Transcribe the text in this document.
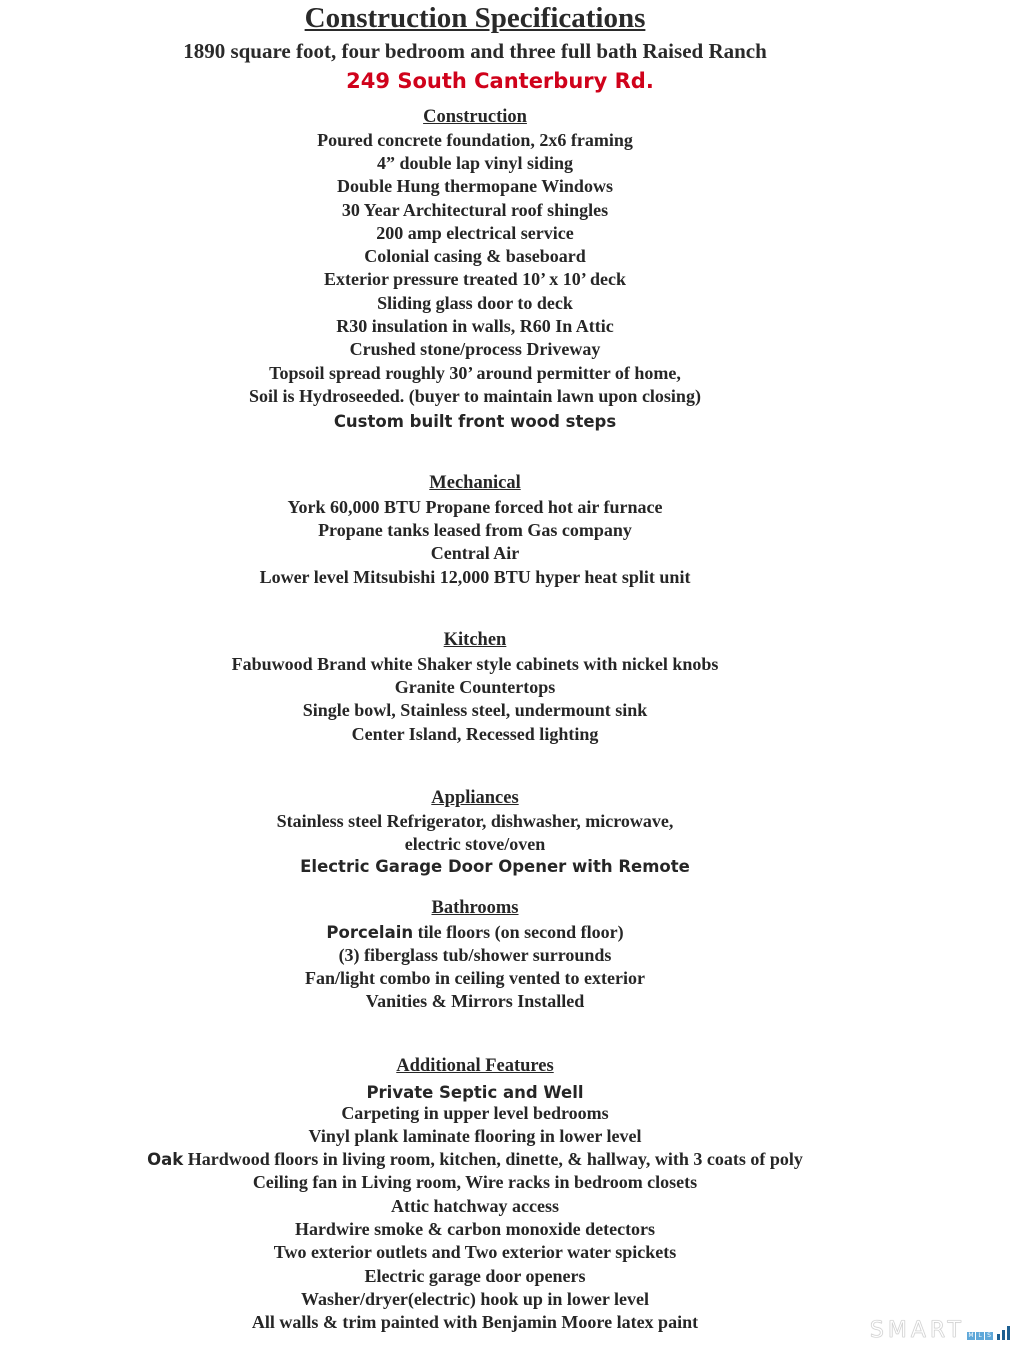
Construction Specifications
1890 square foot, four bedroom and three full bath Raised Ranch
249 South Canterbury Rd.
Construction
Poured concrete foundation, 2x6 framing
4” double lap vinyl siding
Double Hung thermopane Windows
30 Year Architectural roof shingles
200 amp electrical service
Colonial casing & baseboard
Exterior pressure treated 10’ x 10’ deck
Sliding glass door to deck
R30 insulation in walls, R60 In Attic
Crushed stone/process Driveway
Topsoil spread roughly 30’ around permitter of home,
Soil is Hydroseeded. (buyer to maintain lawn upon closing)
Custom built front wood steps
Mechanical
York 60,000 BTU Propane forced hot air furnace
Propane tanks leased from Gas company
Central Air
Lower level Mitsubishi 12,000 BTU hyper heat split unit
Kitchen
Fabuwood Brand white Shaker style cabinets with nickel knobs
Granite Countertops
Single bowl, Stainless steel, undermount sink
Center Island, Recessed lighting
Appliances
Stainless steel Refrigerator, dishwasher, microwave,
electric stove/oven
Electric Garage Door Opener with Remote
Bathrooms
Porcelain tile floors (on second floor)
(3) fiberglass tub/shower surrounds
Fan/light combo in ceiling vented to exterior
Vanities & Mirrors Installed
Additional Features
Private Septic and Well
Carpeting in upper level bedrooms
Vinyl plank laminate flooring in lower level
Oak Hardwood floors in living room, kitchen, dinette, & hallway, with 3 coats of poly
Ceiling fan in Living room, Wire racks in bedroom closets
Attic hatchway access
Hardwire smoke & carbon monoxide detectors
Two exterior outlets and Two exterior water spickets
Electric garage door openers
Washer/dryer(electric) hook up in lower level
All walls & trim painted with Benjamin Moore latex paint	SMART M L S
